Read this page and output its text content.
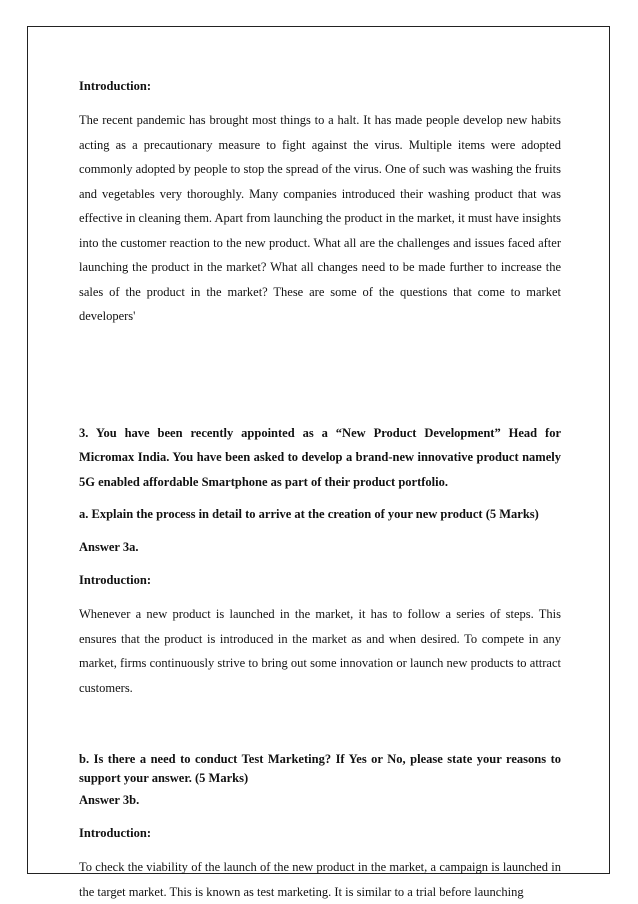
Introduction:

The recent pandemic has brought most things to a halt. It has made people develop new habits acting as a precautionary measure to fight against the virus. Multiple items were adopted commonly adopted by people to stop the spread of the virus. One of such was washing the fruits and vegetables very thoroughly. Many companies introduced their washing product that was effective in cleaning them. Apart from launching the product in the market, it must have insights into the customer reaction to the new product. What all are the challenges and issues faced after launching the product in the market? What all changes need to be made further to increase the sales of the product in the market? These are some of the questions that come to market developers'

3. You have been recently appointed as a “New Product Development” Head for Micromax India. You have been asked to develop a brand-new innovative product namely 5G enabled affordable Smartphone as part of their product portfolio.

a. Explain the process in detail to arrive at the creation of your new product (5 Marks)

Answer 3a.

Introduction:

Whenever a new product is launched in the market, it has to follow a series of steps. This ensures that the product is introduced in the market as and when desired. To compete in any market, firms continuously strive to bring out some innovation or launch new products to attract customers.

b. Is there a need to conduct Test Marketing? If Yes or No, please state your reasons to support your answer. (5 Marks)

Answer 3b.

Introduction:

To check the viability of the launch of the new product in the market, a campaign is launched in the target market. This is known as test marketing. It is similar to a trial before launching
